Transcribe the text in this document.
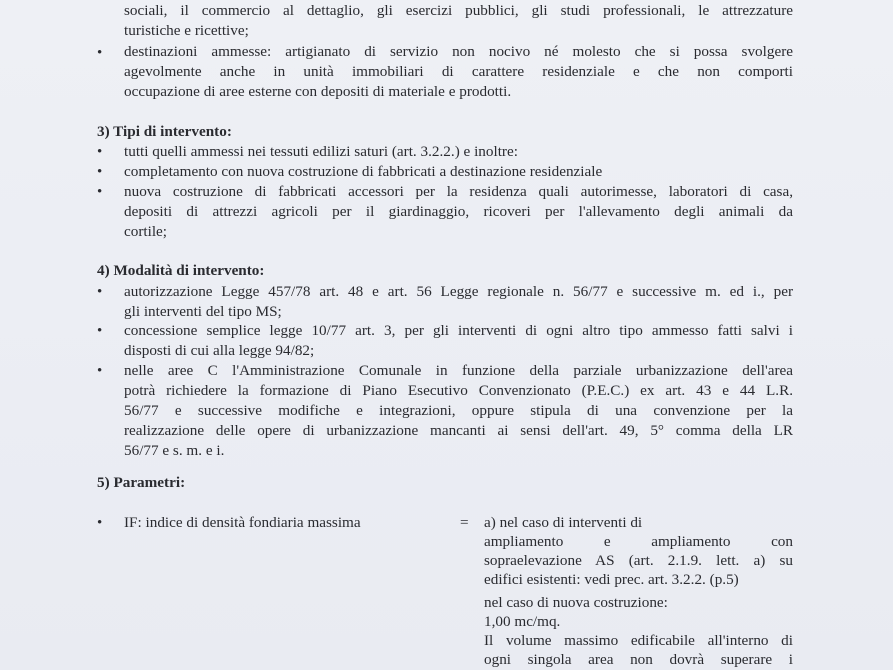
sociali, il commercio al dettaglio, gli esercizi pubblici, gli studi professionali, le attrezzature
turistiche e ricettive;
• destinazioni ammesse: artigianato di servizio non nocivo né molesto che si possa svolgere
agevolmente anche in unità immobiliari di carattere residenziale e che non comporti
occupazione di aree esterne con depositi di materiale e prodotti.
3) Tipi di intervento:
• tutti quelli ammessi nei tessuti edilizi saturi (art. 3.2.2.) e inoltre:
• completamento con nuova costruzione di fabbricati a destinazione residenziale
• nuova costruzione di fabbricati accessori per la residenza quali autorimesse, laboratori di casa,
depositi di attrezzi agricoli per il giardinaggio, ricoveri per l'allevamento degli animali da
cortile;
4) Modalità di intervento:
• autorizzazione Legge 457/78 art. 48 e art. 56 Legge regionale n. 56/77 e successive m. ed i., per
gli interventi del tipo MS;
• concessione semplice legge 10/77 art. 3, per gli interventi di ogni altro tipo ammesso fatti salvi i
disposti di cui alla legge 94/82;
• nelle aree C l'Amministrazione Comunale in funzione della parziale urbanizzazione dell'area
potrà richiedere la formazione di Piano Esecutivo Convenzionato (P.E.C.) ex art. 43 e 44 L.R.
56/77 e successive modifiche e integrazioni, oppure stipula di una convenzione per la
realizzazione delle opere di urbanizzazione mancanti ai sensi dell'art. 49, 5° comma della LR
56/77 e s. m. e i.
5) Parametri:
• IF: indice di densità fondiaria massima	= a) nel caso di interventi di
ampliamento e ampliamento con
sopraelevazione AS (art. 2.1.9. lett. a) su
edifici esistenti: vedi prec. art. 3.2.2. (p.5)
nel caso di nuova costruzione:
1,00 mc/mq.
Il volume massimo edificabile all'interno di
ogni singola area non dovrà superare i
